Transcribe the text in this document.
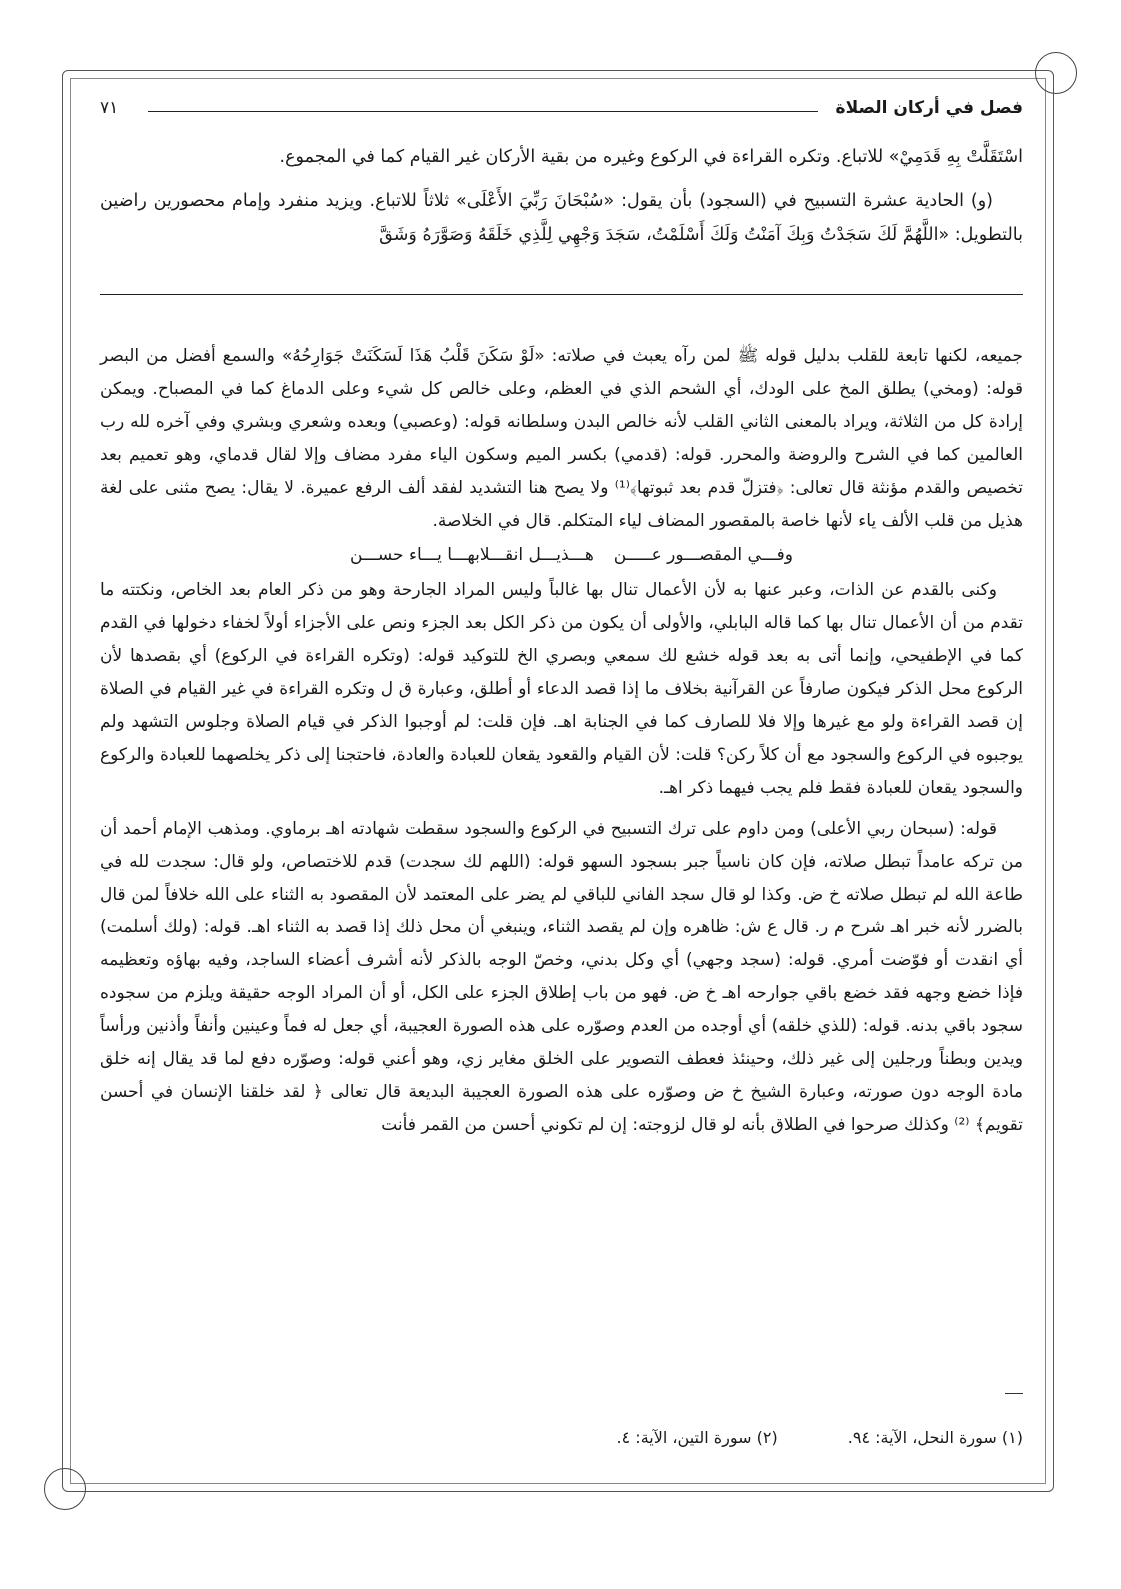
فصل في أركان الصلاة
٧١

اسْتَقَلَّتْ بِهِ قَدَمِيْ» للاتباع. وتكره القراءة في الركوع وغيره من بقية الأركان غير القيام كما في المجموع.

(و) الحادية عشرة التسبيح في (السجود) بأن يقول: «سُبْحَانَ رَبِّيَ الأَعْلَى» ثلاثاً للاتباع. ويزيد منفرد وإمام محصورين راضين بالتطويل: «اللَّهُمَّ لَكَ سَجَدْتُ وَبِكَ آمَنْتُ وَلَكَ أَسْلَمْتُ، سَجَدَ وَجْهِي لِلَّذِي خَلَقَهُ وَصَوَّرَهُ وَشَقَّ

جميعه، لكنها تابعة للقلب بدليل قوله ﷺ لمن رآه يعبث في صلاته: «لَوْ سَكَنَ قَلْبُ هَذَا لَسَكَنَتْ جَوَارِحُهُ» والسمع أفضل من البصر قوله: (ومخي) يطلق المخ على الودك، أي الشحم الذي في العظم، وعلى خالص كل شيء وعلى الدماغ كما في المصباح. ويمكن إرادة كل من الثلاثة، ويراد بالمعنى الثاني القلب لأنه خالص البدن وسلطانه قوله: (وعصبي) وبعده وشعري وبشري وفي آخره لله رب العالمين كما في الشرح والروضة والمحرر. قوله: (قدمي) بكسر الميم وسكون الياء مفرد مضاف وإلا لقال قدماي، وهو تعميم بعد تخصيص والقدم مؤنثة قال تعالى: ﴿فتزلّ قدم بعد ثبوتها﴾⁽¹⁾ ولا يصح هنا التشديد لفقد ألف الرفع عميرة. لا يقال: يصح مثنى على لغة هذيل من قلب الألف ياء لأنها خاصة بالمقصور المضاف لياء المتكلم. قال في الخلاصة.

وفـــي المقصـــور عـــــن
هـــذيـــل انقـــلابهـــا يـــاء حســـن

وكنى بالقدم عن الذات، وعبر عنها به لأن الأعمال تنال بها غالباً وليس المراد الجارحة وهو من ذكر العام بعد الخاص، ونكتته ما تقدم من أن الأعمال تنال بها كما قاله البابلي، والأولى أن يكون من ذكر الكل بعد الجزء ونص على الأجزاء أولاً لخفاء دخولها في القدم كما في الإطفيحي، وإنما أتى به بعد قوله خشع لك سمعي وبصري الخ للتوكيد قوله: (وتكره القراءة في الركوع) أي بقصدها لأن الركوع محل الذكر فيكون صارفاً عن القرآنية بخلاف ما إذا قصد الدعاء أو أطلق، وعبارة ق ل وتكره القراءة في غير القيام في الصلاة إن قصد القراءة ولو مع غيرها وإلا فلا للصارف كما في الجنابة اهـ. فإن قلت: لم أوجبوا الذكر في قيام الصلاة وجلوس التشهد ولم يوجبوه في الركوع والسجود مع أن كلاً ركن؟ قلت: لأن القيام والقعود يقعان للعبادة والعادة، فاحتجنا إلى ذكر يخلصهما للعبادة والركوع والسجود يقعان للعبادة فقط فلم يجب فيهما ذكر اهـ.

قوله: (سبحان ربي الأعلى) ومن داوم على ترك التسبيح في الركوع والسجود سقطت شهادته اهـ برماوي. ومذهب الإمام أحمد أن من تركه عامداً تبطل صلاته، فإن كان ناسياً جبر بسجود السهو قوله: (اللهم لك سجدت) قدم للاختصاص، ولو قال: سجدت لله في طاعة الله لم تبطل صلاته خ ض. وكذا لو قال سجد الفاني للباقي لم يضر على المعتمد لأن المقصود به الثناء على الله خلافاً لمن قال بالضرر لأنه خبر اهـ شرح م ر. قال ع ش: ظاهره وإن لم يقصد الثناء، وينبغي أن محل ذلك إذا قصد به الثناء اهـ. قوله: (ولك أسلمت) أي انقدت أو فوّضت أمري. قوله: (سجد وجهي) أي وكل بدني، وخصّ الوجه بالذكر لأنه أشرف أعضاء الساجد، وفيه بهاؤه وتعظيمه فإذا خضع وجهه فقد خضع باقي جوارحه اهـ خ ض. فهو من باب إطلاق الجزء على الكل، أو أن المراد الوجه حقيقة ويلزم من سجوده سجود باقي بدنه. قوله: (للذي خلقه) أي أوجده من العدم وصوّره على هذه الصورة العجيبة، أي جعل له فماً وعينين وأنفاً وأذنين ورأساً ويدين وبطناً ورجلين إلى غير ذلك، وحينئذ فعطف التصوير على الخلق مغاير زي، وهو أعني قوله: وصوّره دفع لما قد يقال إنه خلق مادة الوجه دون صورته، وعبارة الشيخ خ ض وصوّره على هذه الصورة العجيبة البديعة قال تعالى ﴿ لقد خلقنا الإنسان في أحسن تقويم﴾ ⁽²⁾ وكذلك صرحوا في الطلاق بأنه لو قال لزوجته: إن لم تكوني أحسن من القمر فأنت

(١) سورة النحل، الآية: ٩٤.
(٢) سورة التين، الآية: ٤.
